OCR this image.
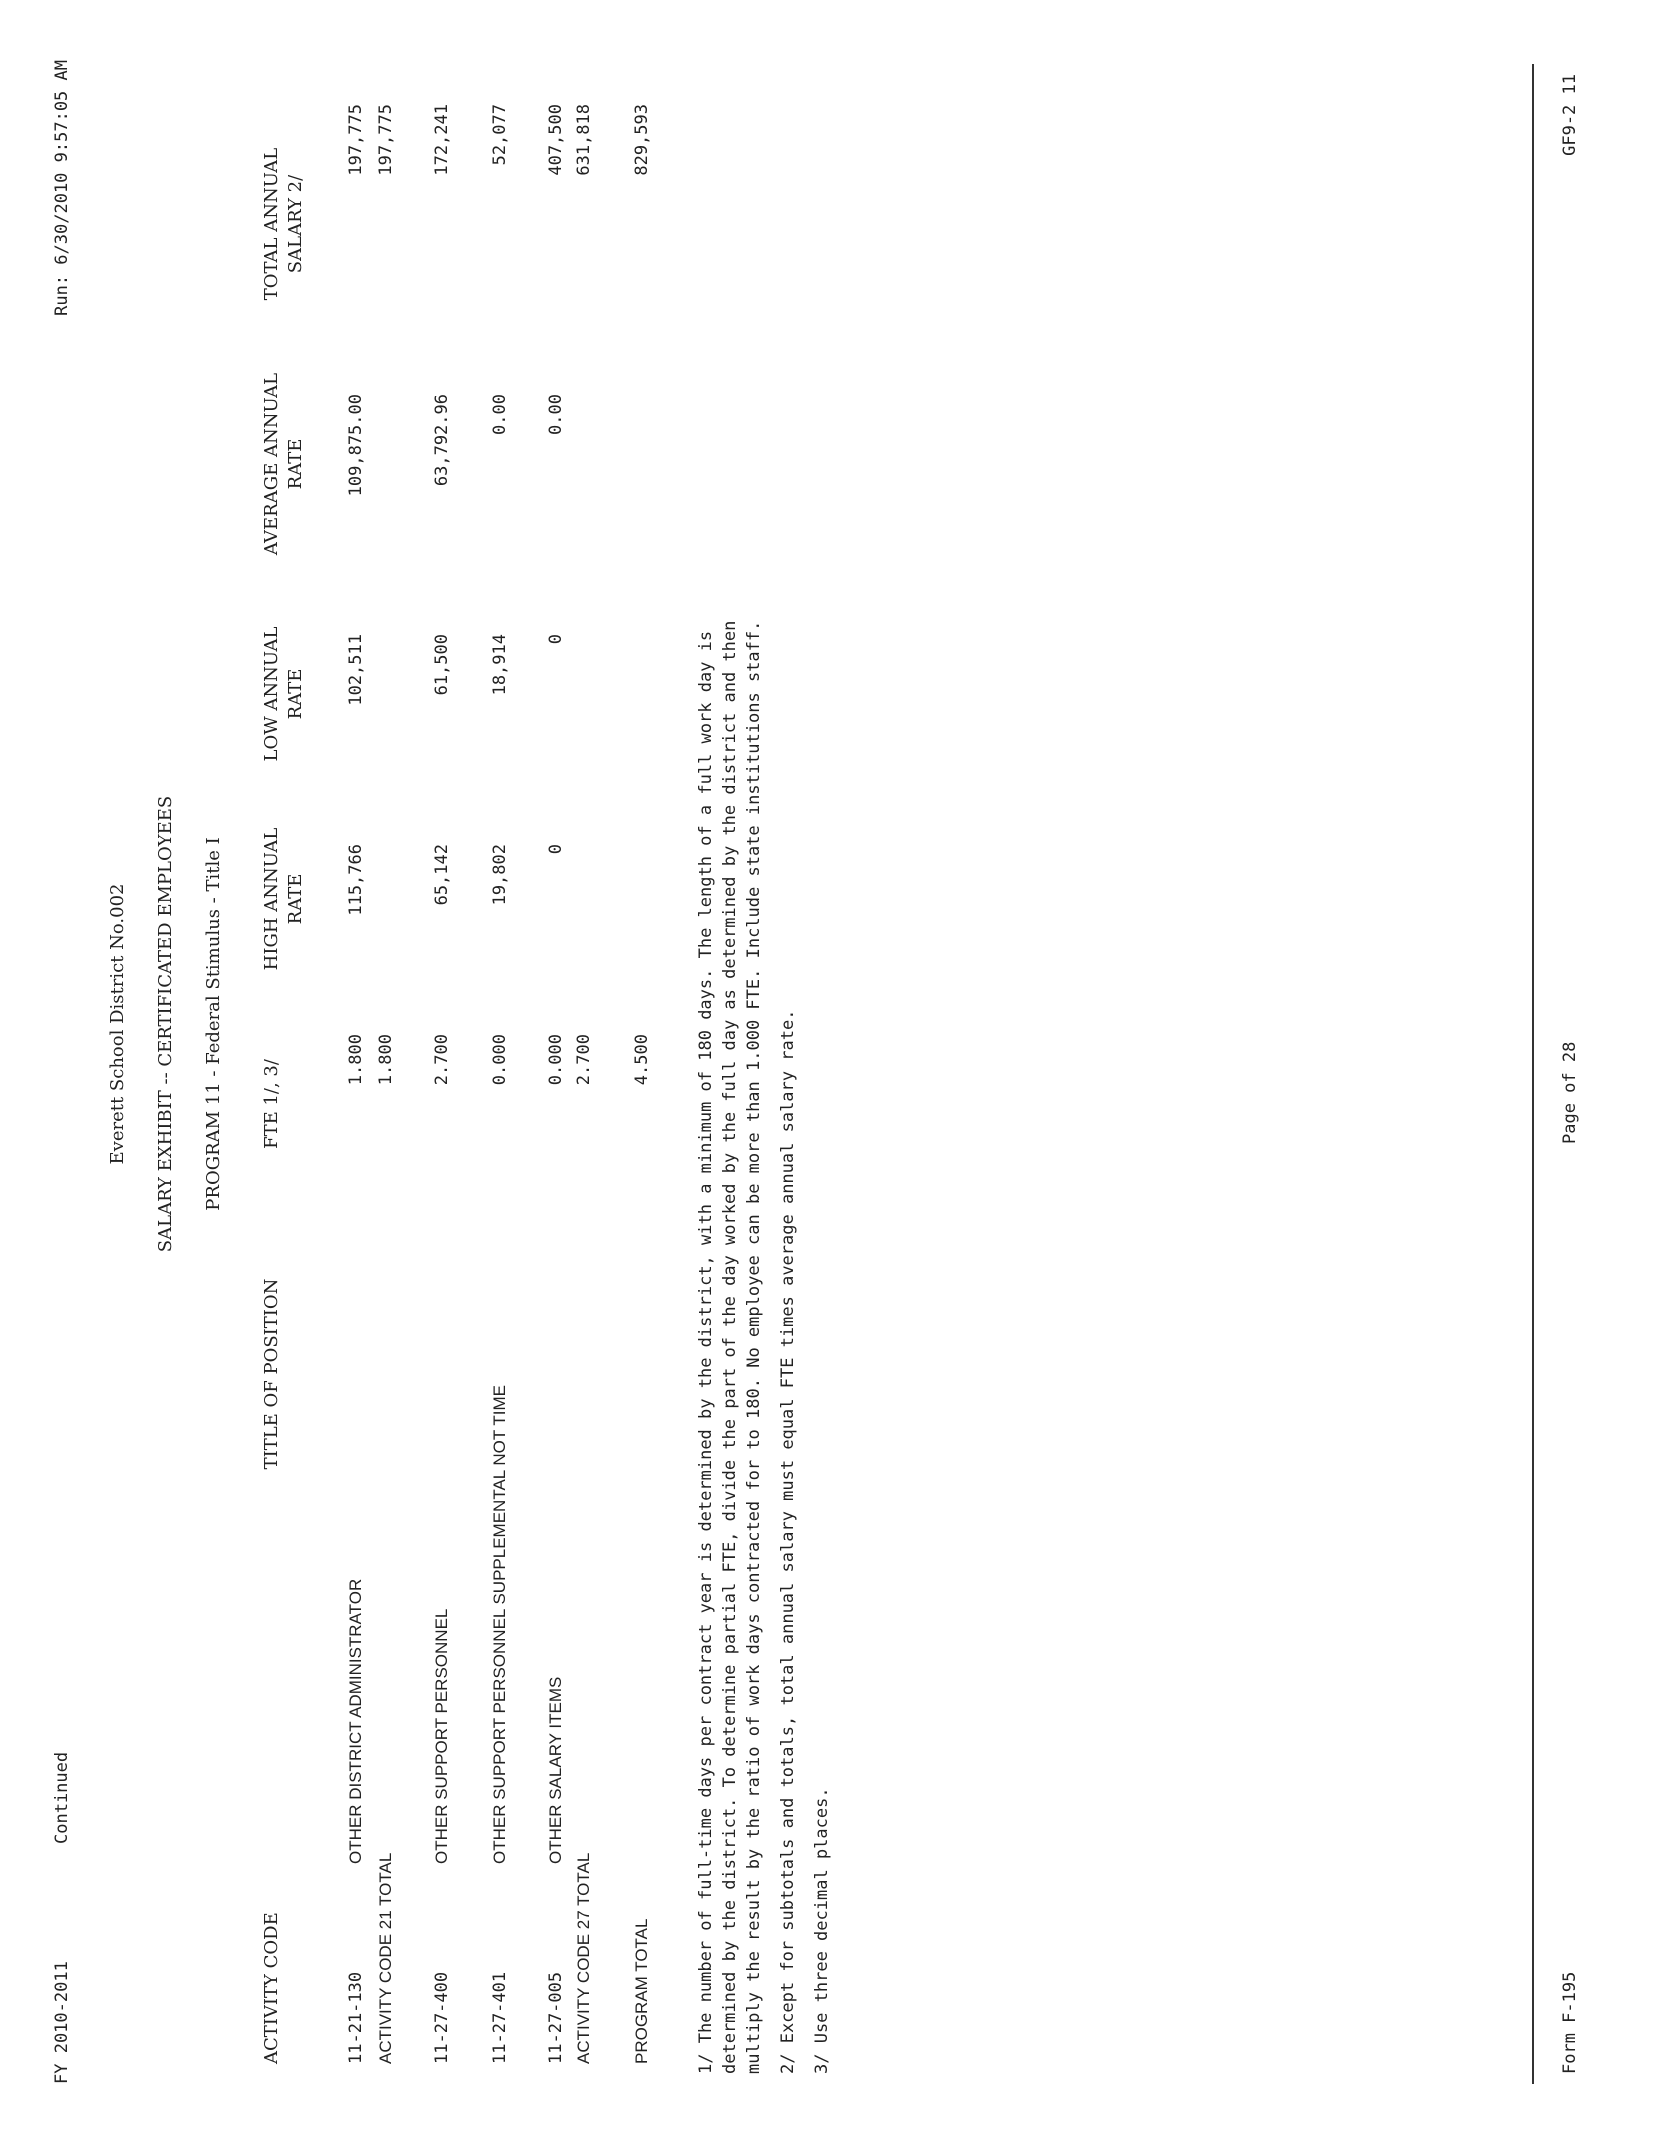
FY 2010-2011
Continued
Run: 6/30/2010 9:57:05 AM
Everett School District No.002 SALARY EXHIBIT -- CERTIFICATED EMPLOYEES PROGRAM 11 - Federal Stimulus - Title I
ACTIVITY CODE
TITLE OF POSITION
FTE 1/, 3/
HIGH ANNUAL RATE
LOW ANNUAL RATE
AVERAGE ANNUAL RATE
TOTAL ANNUAL SALARY 2/
11-21-130
OTHER DISTRICT ADMINISTRATOR
1.800
115,766
102,511
109,875.00
197,775
ACTIVITY CODE 21 TOTAL
1.800
197,775
11-27-400
OTHER SUPPORT PERSONNEL
2.700
65,142
61,500
63,792.96
172,241
11-27-401
OTHER SUPPORT PERSONNEL SUPPLEMENTAL NOT TIME
0.000
19,802
18,914
0.00
52,077
11-27-005
OTHER SALARY ITEMS
0.000
0
0
0.00
407,500
ACTIVITY CODE 27 TOTAL
2.700
631,818
PROGRAM TOTAL
4.500
829,593
1/ The number of full-time days per contract year is determined by the district, with a minimum of 180 days. The length of a full work day is determined by the district. To determine partial FTE, divide the part of the day worked by the full day as determined by the district and then multiply the result by the ratio of work days contracted for to 180. No employee can be more than 1.000 FTE. Include state institutions staff. 2/ Except for subtotals and totals, total annual salary must equal FTE times average annual salary rate. 3/ Use three decimal places.	Form F-195
Page of 28
GF9-2 11
